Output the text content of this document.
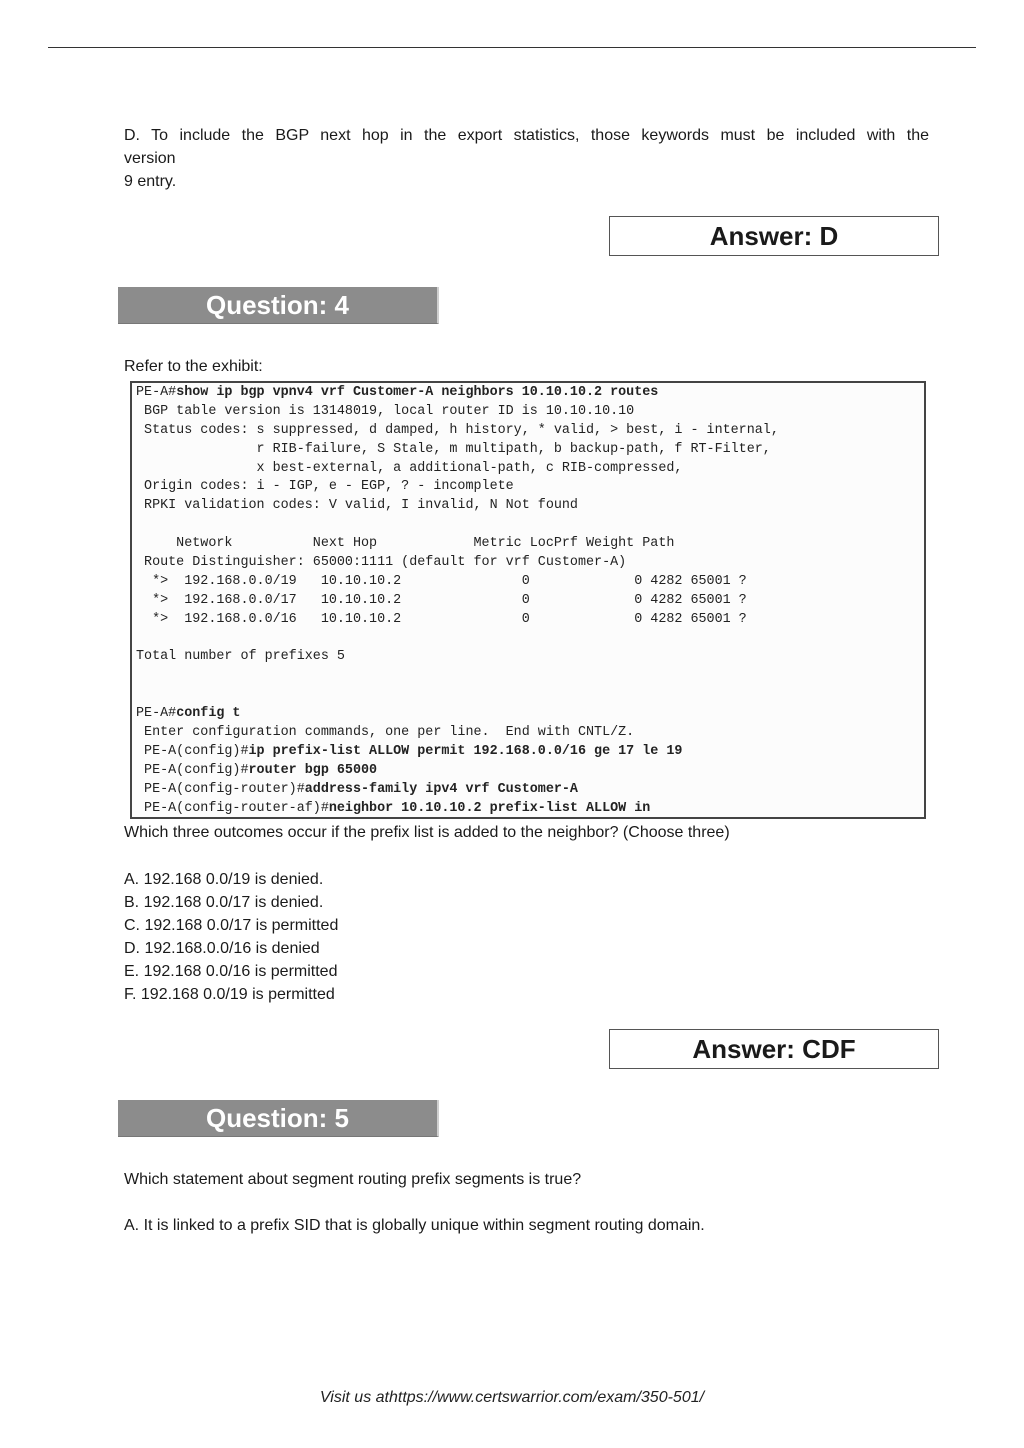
D. To include the BGP next hop in the export statistics, those keywords must be included with the
version
9 entry.
Answer: D
Question: 4
Refer to the exhibit:
PE-A#show ip bgp vpnv4 vrf Customer-A neighbors 10.10.10.2 routes
BGP table version is 13148019, local router ID is 10.10.10.10
Status codes: s suppressed, d damped, h history, * valid, > best, i - internal,
r RIB-failure, S Stale, m multipath, b backup-path, f RT-Filter,
x best-external, a additional-path, c RIB-compressed,
Origin codes: i - IGP, e - EGP, ? - incomplete
RPKI validation codes: V valid, I invalid, N Not found

Network          Next Hop            Metric LocPrf Weight Path
Route Distinguisher: 65000:1111 (default for vrf Customer-A)
*>  192.168.0.0/19   10.10.10.2               0             0 4282 65001 ?
*>  192.168.0.0/17   10.10.10.2               0             0 4282 65001 ?
*>  192.168.0.0/16   10.10.10.2               0             0 4282 65001 ?

Total number of prefixes 5

PE-A#config t
Enter configuration commands, one per line.  End with CNTL/Z.
PE-A(config)#ip prefix-list ALLOW permit 192.168.0.0/16 ge 17 le 19
PE-A(config)#router bgp 65000
PE-A(config-router)#address-family ipv4 vrf Customer-A
PE-A(config-router-af)#neighbor 10.10.10.2 prefix-list ALLOW in
Which three outcomes occur if the prefix list is added to the neighbor? (Choose three)
A. 192.168 0.0/19 is denied.
B. 192.168 0.0/17 is denied.
C. 192.168 0.0/17 is permitted
D. 192.168.0.0/16 is denied
E. 192.168 0.0/16 is permitted
F. 192.168 0.0/19 is permitted
Answer: CDF
Question: 5
Which statement about segment routing prefix segments is true?
A. It is linked to a prefix SID that is globally unique within segment routing domain.
Visit us athttps://www.certswarrior.com/exam/350-501/
